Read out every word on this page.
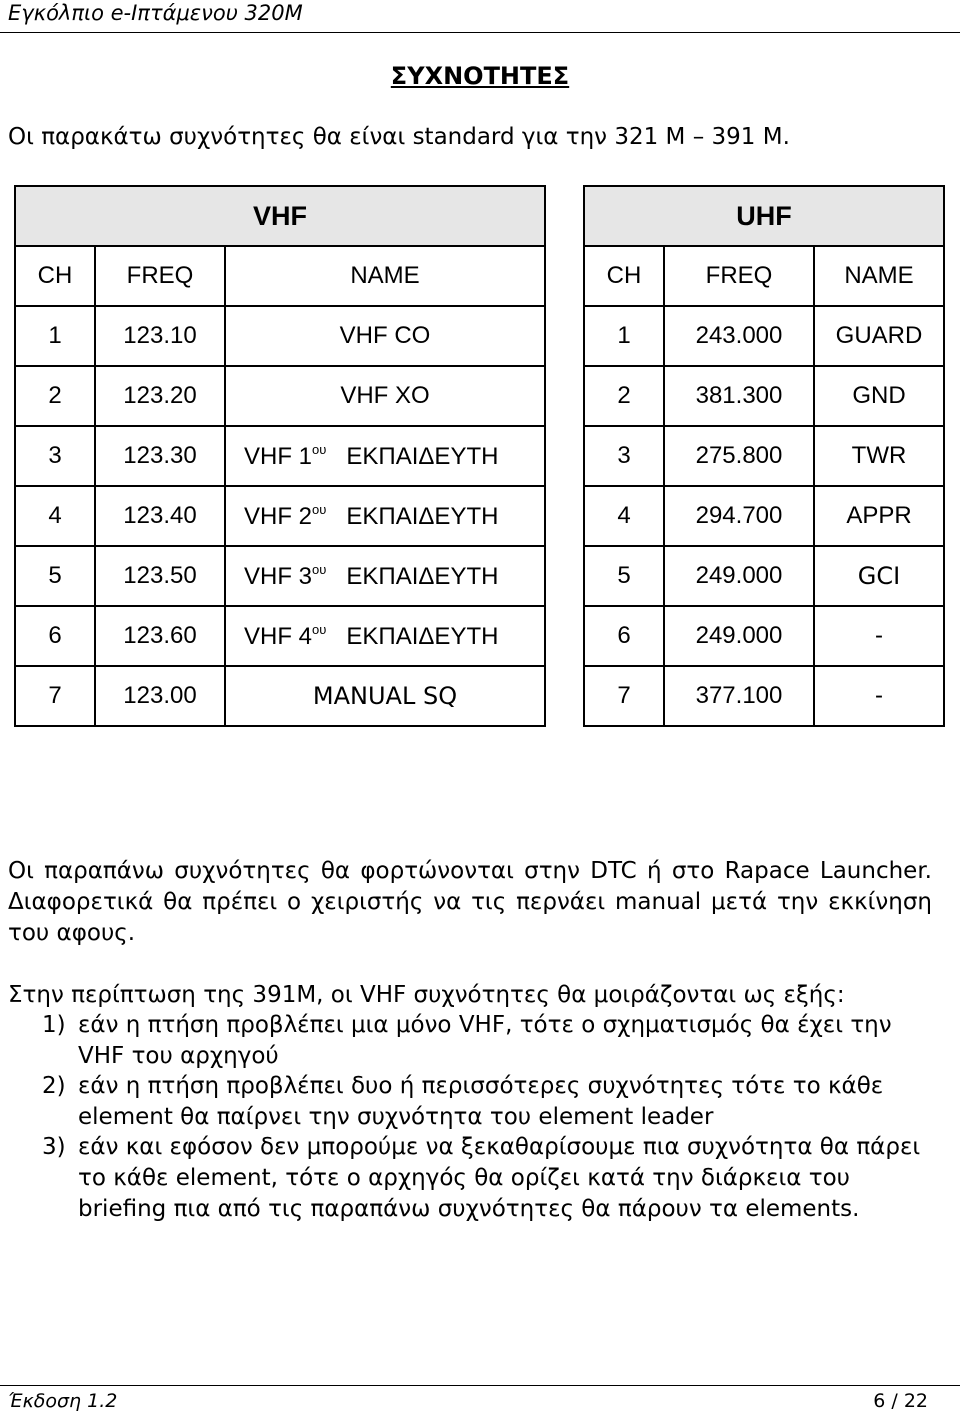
Εγκόλπιο e-Ιπτάμενου 320M
ΣΥΧΝΟΤΗΤΕΣ
Οι παρακάτω συχνότητες θα είναι standard για την 321 Μ – 391 Μ.
VHF		
CH	FREQ	NAME
1	123.10	VHF CO
2	123.20	VHF XO
3	123.30	VHF $1^{o\upsilon}$ ΕΚΠΑΙΔΕΥΤΗ
4	123.40	VHF $2^{o\upsilon}$ ΕΚΠΑΙΔΕΥΤΗ
5	123.50	VHF $3^{o\upsilon}$ ΕΚΠΑΙΔΕΥΤΗ
6	123.60	VHF $4^{o\upsilon}$ ΕΚΠΑΙΔΕΥΤΗ
7	123.00	MANUAL SQ
UHF		
CH	FREQ	NAME
1	243.000	GUARD
2	381.300	GND
3	275.800	TWR
4	294.700	APPR
5	249.000	GCI
6	249.000	-
7	377.100	-
Οι παραπάνω συχνότητες θα φορτώνονται στην DTC ή στο Rapace Launcher. Διαφορετικά θα πρέπει ο χειριστής να τις περνάει manual μετά την εκκίνηση του αφους.
Στην περίπτωση της 391Μ, οι VHF συχνότητες θα μοιράζονται ως εξής:
1) εάν η πτήση προβλέπει μια μόνο VHF, τότε ο σχηματισμός θα έχει την VHF του αρχηγού
2) εάν η πτήση προβλέπει δυο ή περισσότερες συχνότητες τότε το κάθε element θα παίρνει την συχνότητα του element leader
3) εάν και εφόσον δεν μπορούμε να ξεκαθαρίσουμε πια συχνότητα θα πάρει το κάθε element, τότε ο αρχηγός θα ορίζει κατά την διάρκεια του briefing πια από τις παραπάνω συχνότητες θα πάρουν τα elements.
Έκδοση 1.2	6 / 22
